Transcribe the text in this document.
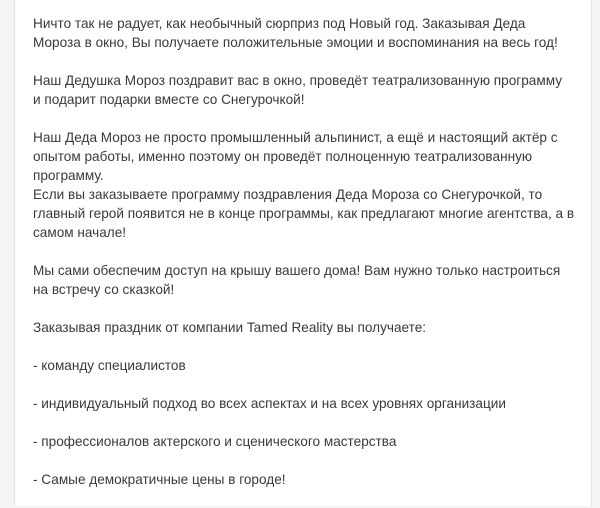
Ничто так не радует, как необычный сюрприз под Новый год. Заказывая Деда
Мороза в окно, Вы получаете положительные эмоции и воспоминания на весь год!

Наш Дедушка Мороз поздравит вас в окно, проведёт театрализованную программу
и подарит подарки вместе со Снегурочкой!

Наш Деда Мороз не просто промышленный альпинист, а ещё и настоящий актёр с
опытом работы, именно поэтому он проведёт полноценную театрализованную
программу.

Если вы заказываете программу поздравления Деда Мороза со Снегурочкой, то
главный герой появится не в конце программы, как предлагают многие агентства, а в
самом начале!

Мы сами обеспечим доступ на крышу вашего дома! Вам нужно только настроиться
на встречу со сказкой!

Заказывая праздник от компании Tamed Reality вы получаете:

- команду специалистов

- индивидуальный подход во всех аспектах и на всех уровнях организации

- профессионалов актерского и сценического мастерства

- Самые демократичные цены в городе!
